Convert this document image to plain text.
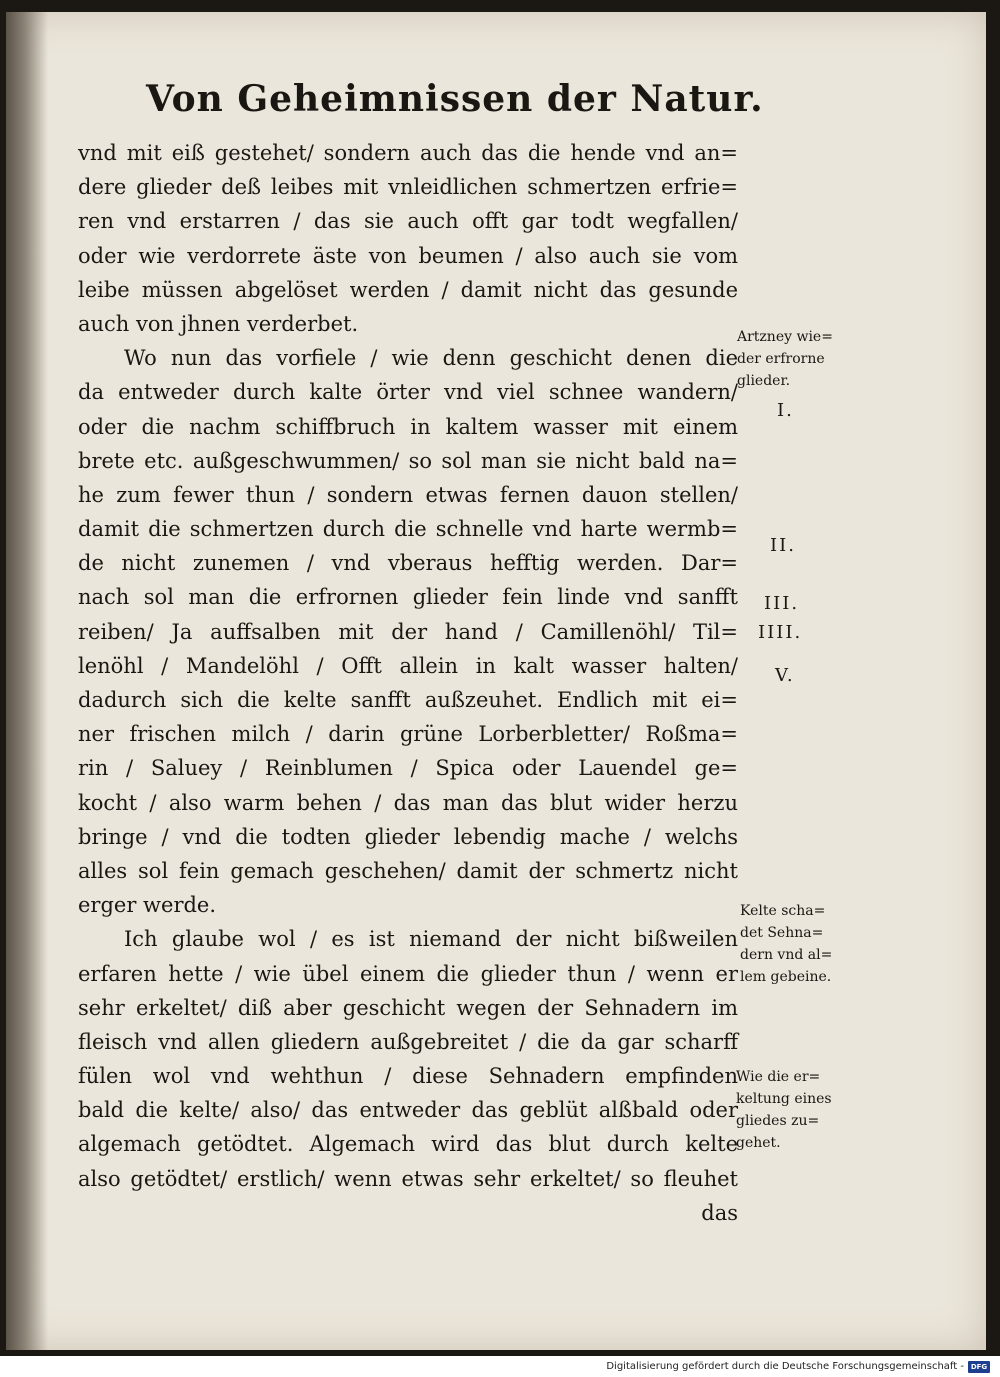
Von Geheimnissen der Natur.
vnd mit eiß gestehet/ sondern auch das die hende vnd an=
dere glieder deß leibes mit vnleidlichen schmertzen erfrie=
ren vnd erstarren / das sie auch offt gar todt wegfallen/
oder wie verdorrete äste von beumen / also auch sie vom
leibe müssen abgelöset werden / damit nicht das gesunde
auch von jhnen verderbet.
Wo nun das vorfiele / wie denn geschicht denen die
da entweder durch kalte örter vnd viel schnee wandern/
oder die nachm schiffbruch in kaltem wasser mit einem
brete etc. außgeschwummen/ so sol man sie nicht bald na=
he zum fewer thun / sondern etwas fernen dauon stellen/
damit die schmertzen durch die schnelle vnd harte wermb=
de nicht zunemen / vnd vberaus hefftig werden. Dar=
nach sol man die erfrornen glieder fein linde vnd sanfft
reiben/ Ja auffsalben mit der hand / Camillenöhl/ Til=
lenöhl / Mandelöhl / Offt allein in kalt wasser halten/
dadurch sich die kelte sanfft außzeuhet. Endlich mit ei=
ner frischen milch / darin grüne Lorberbletter/ Roßma=
rin / Saluey / Reinblumen / Spica oder Lauendel ge=
kocht / also warm behen / das man das blut wider herzu
bringe / vnd die todten glieder lebendig mache / welchs
alles sol fein gemach geschehen/ damit der schmertz nicht
erger werde.
Ich glaube wol / es ist niemand der nicht bißweilen
erfaren hette / wie übel einem die glieder thun / wenn er
sehr erkeltet/ diß aber geschicht wegen der Sehnadern im
fleisch vnd allen gliedern außgebreitet / die da gar scharff
fülen wol vnd wehthun / diese Sehnadern empfinden
bald die kelte/ also/ das entweder das geblüt alßbald oder
algemach getödtet. Algemach wird das blut durch kelte
also getödtet/ erstlich/ wenn etwas sehr erkeltet/ so fleuhet
das
Artzney wie=
der erfrorne
glieder.
I.
II.
III.
IIII.
V.
Kelte scha=
det Sehna=
dern vnd al=
lem gebeine.
Wie die er=
keltung eines
gliedes zu=
gehet.
Digitalisierung gefördert durch die Deutsche Forschungsgemeinschaft - DFG
